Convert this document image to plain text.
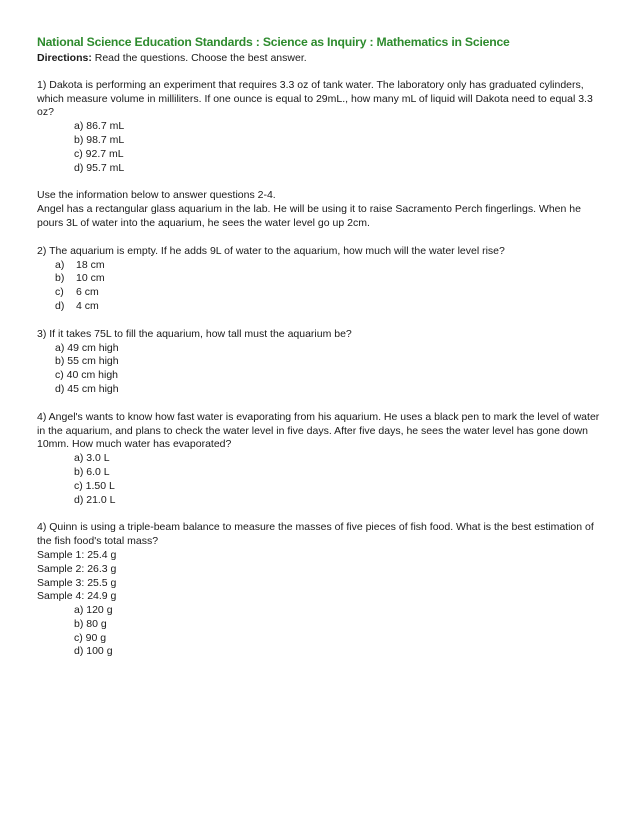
National Science Education Standards : Science as Inquiry : Mathematics in Science

Directions: Read the questions. Choose the best answer.

1) Dakota is performing an experiment that requires 3.3 oz of tank water. The laboratory only has graduated cylinders, which measure volume in milliliters. If one ounce is equal to 29mL., how many mL of liquid will Dakota need to equal 3.3 oz?

a) 86.7 mL
b) 98.7 mL
c) 92.7 mL
d) 95.7 mL

Use the information below to answer questions 2-4.

Angel has a rectangular glass aquarium in the lab. He will be using it to raise Sacramento Perch fingerlings. When he pours 3L of water into the aquarium, he sees the water level go up 2cm.

2) The aquarium is empty. If he adds 9L of water to the aquarium, how much will the water level rise?

a)	18 cm
b)	10 cm
c)	6 cm
d)	4 cm

3) If it takes 75L to fill the aquarium, how tall must the aquarium be?

a) 49 cm high
b) 55 cm high
c) 40 cm high
d) 45 cm high

4) Angel's wants to know how fast water is evaporating from his aquarium. He uses a black pen to mark the level of water in the aquarium, and plans to check the water level in five days. After five days, he sees the water level has gone down 10mm. How much water has evaporated?

a) 3.0 L
b) 6.0 L
c) 1.50 L
d) 21.0 L

4) Quinn is using a triple-beam balance to measure the masses of five pieces of fish food. What is the best estimation of the fish food's total mass?

Sample 1: 25.4 g
Sample 2: 26.3 g
Sample 3: 25.5 g
Sample 4: 24.9 g
a) 120 g
b) 80 g
c) 90 g
d) 100 g
